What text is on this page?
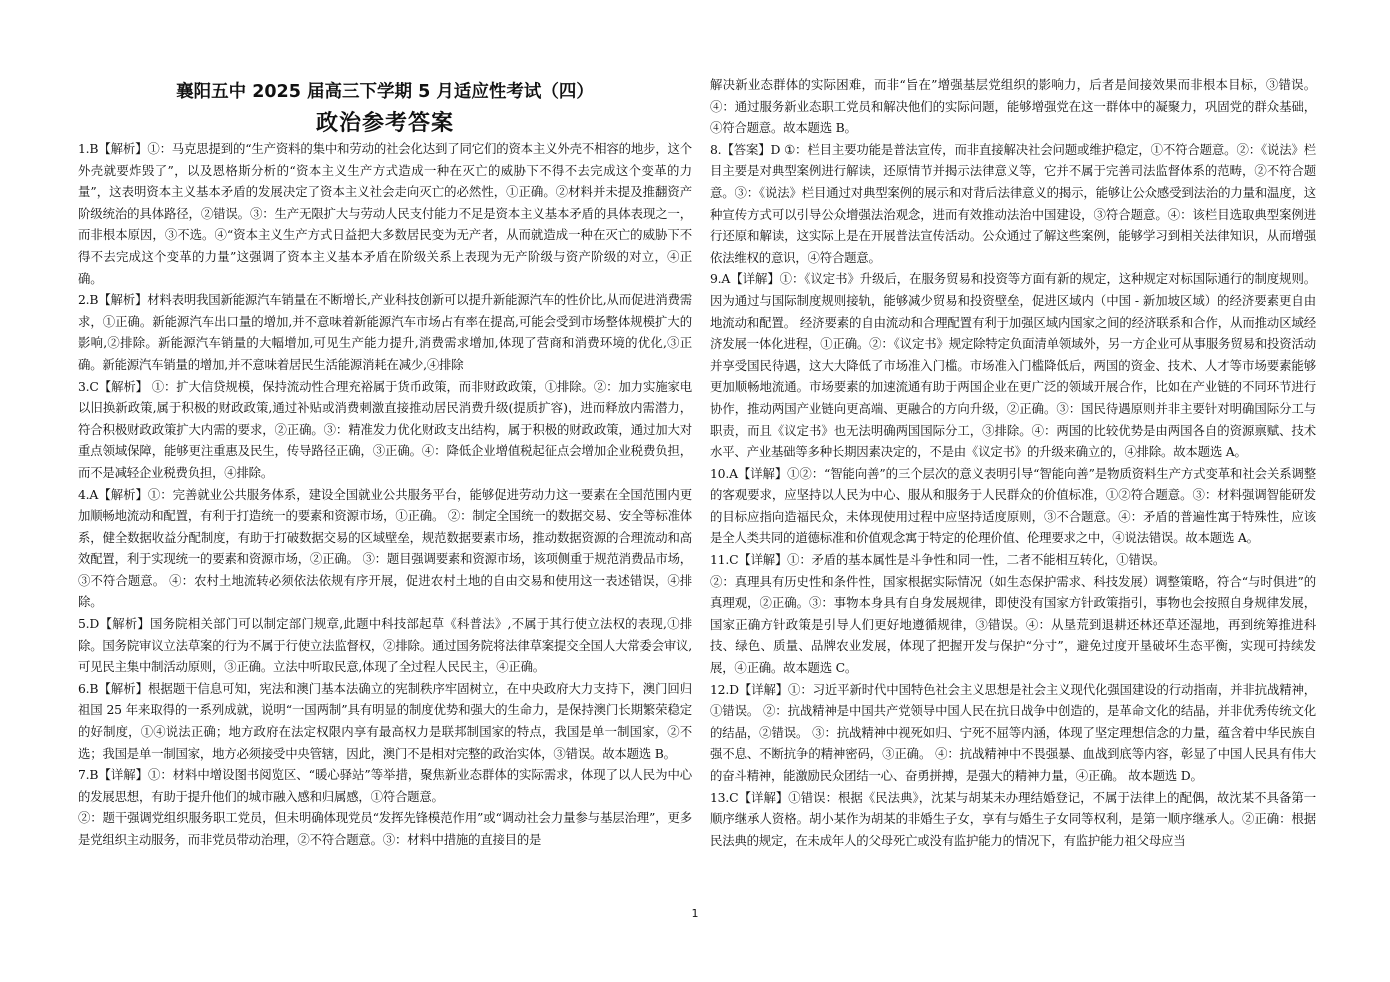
襄阳五中 2025 届高三下学期 5 月适应性考试（四）
政治参考答案

1.B【解析】①：马克思提到的“生产资料的集中和劳动的社会化达到了同它们的资本主义外壳不相容的地步，这个外壳就要炸毁了”，以及恩格斯分析的“资本主义生产方式造成一种在灭亡的威胁下不得不去完成这个变革的力量”，这表明资本主义基本矛盾的发展决定了资本主义社会走向灭亡的必然性，①正确。②材料并未提及推翻资产阶级统治的具体路径，②错误。③：生产无限扩大与劳动人民支付能力不足是资本主义基本矛盾的具体表现之一，而非根本原因，③不选。④“资本主义生产方式日益把大多数居民变为无产者，从而就造成一种在灭亡的威胁下不得不去完成这个变革的力量”这强调了资本主义基本矛盾在阶级关系上表现为无产阶级与资产阶级的对立，④正确。

2.B【解析】材料表明我国新能源汽车销量在不断增长,产业科技创新可以提升新能源汽车的性价比,从而促进消费需求，①正确。新能源汽车出口量的增加,并不意味着新能源汽车市场占有率在提高,可能会受到市场整体规模扩大的影响,②排除。新能源汽车销量的大幅增加,可见生产能力提升,消费需求增加,体现了营商和消费环境的优化,③正确。新能源汽车销量的增加,并不意味着居民生活能源消耗在减少,④排除

3.C【解析】 ①：扩大信贷规模，保持流动性合理充裕属于货币政策，而非财政政策，①排除。②：加力实施家电以旧换新政策,属于积极的财政政策,通过补贴或消费刺激直接推动居民消费升级(提质扩容)，进而释放内需潜力，符合积极财政政策扩大内需的要求，②正确。③：精准发力优化财政支出结构，属于积极的财政政策，通过加大对重点领域保障，能够更注重惠及民生，传导路径正确，③正确。④：降低企业增值税起征点会增加企业税费负担，而不是减轻企业税费负担，④排除。

4.A【解析】①：完善就业公共服务体系，建设全国就业公共服务平台，能够促进劳动力这一要素在全国范围内更加顺畅地流动和配置，有利于打造统一的要素和资源市场，①正确。 ②：制定全国统一的数据交易、安全等标准体系，健全数据收益分配制度，有助于打破数据交易的区域壁垒，规范数据要素市场，推动数据资源的合理流动和高效配置，利于实现统一的要素和资源市场，②正确。 ③：题目强调要素和资源市场，该项侧重于规范消费品市场，③不符合题意。 ④：农村土地流转必须依法依规有序开展，促进农村土地的自由交易和使用这一表述错误，④排除。

5.D【解析】国务院相关部门可以制定部门规章,此题中科技部起草《科普法》,不属于其行使立法权的表现,①排除。国务院审议立法草案的行为不属于行使立法监督权，②排除。通过国务院将法律草案提交全国人大常委会审议,可见民主集中制活动原则，③正确。立法中听取民意,体现了全过程人民民主，④正确。

6.B【解析】根据题干信息可知，宪法和澳门基本法确立的宪制秩序牢固树立，在中央政府大力支持下，澳门回归祖国 25 年来取得的一系列成就，说明“一国两制”具有明显的制度优势和强大的生命力，是保持澳门长期繁荣稳定的好制度，①④说法正确；地方政府在法定权限内享有最高权力是联邦制国家的特点，我国是单一制国家，②不选；我国是单一制国家，地方必须接受中央管辖，因此，澳门不是相对完整的政治实体，③错误。故本题选 B。

7.B【详解】①：材料中增设图书阅览区、“暖心驿站”等举措，聚焦新业态群体的实际需求，体现了以人民为中心的发展思想，有助于提升他们的城市融入感和归属感，①符合题意。

②：题干强调党组织服务职工党员，但未明确体现党员“发挥先锋模范作用”或“调动社会力量参与基层治理”，更多是党组织主动服务，而非党员带动治理，②不符合题意。③：材料中措施的直接目的是

解决新业态群体的实际困难，而非“旨在”增强基层党组织的影响力，后者是间接效果而非根本目标，③错误。④：通过服务新业态职工党员和解决他们的实际问题，能够增强党在这一群体中的凝聚力，巩固党的群众基础，④符合题意。故本题选 B。

8.【答案】D ①：栏目主要功能是普法宣传，而非直接解决社会问题或维护稳定，①不符合题意。②：《说法》栏目主要是对典型案例进行解读，还原情节并揭示法律意义等，它并不属于完善司法监督体系的范畴，②不符合题意。③：《说法》栏目通过对典型案例的展示和对背后法律意义的揭示，能够让公众感受到法治的力量和温度，这种宣传方式可以引导公众增强法治观念，进而有效推动法治中国建设，③符合题意。④：该栏目选取典型案例进行还原和解读，这实际上是在开展普法宣传活动。公众通过了解这些案例，能够学习到相关法律知识，从而增强依法维权的意识，④符合题意。

9.A【详解】①：《议定书》升级后，在服务贸易和投资等方面有新的规定，这种规定对标国际通行的制度规则。因为通过与国际制度规则接轨，能够减少贸易和投资壁垒，促进区域内（中国 - 新加坡区域）的经济要素更自由地流动和配置。 经济要素的自由流动和合理配置有利于加强区域内国家之间的经济联系和合作，从而推动区域经济发展一体化进程，①正确。②：《议定书》规定除特定负面清单领域外，另一方企业可从事服务贸易和投资活动并享受国民待遇，这大大降低了市场准入门槛。市场准入门槛降低后，两国的资金、技术、人才等市场要素能够更加顺畅地流通。市场要素的加速流通有助于两国企业在更广泛的领域开展合作，比如在产业链的不同环节进行协作，推动两国产业链向更高端、更融合的方向升级，②正确。③：国民待遇原则并非主要针对明确国际分工与职责，而且《议定书》也无法明确两国国际分工，③排除。④：两国的比较优势是由两国各自的资源禀赋、技术水平、产业基础等多种长期因素决定的，不是由《议定书》的升级来确立的，④排除。故本题选 A。

10.A【详解】①②：“智能向善”的三个层次的意义表明引导“智能向善”是物质资料生产方式变革和社会关系调整的客观要求，应坚持以人民为中心、服从和服务于人民群众的价值标准，①②符合题意。③：材料强调智能研发的目标应指向造福民众，未体现使用过程中应坚持适度原则，③不合题意。④：矛盾的普遍性寓于特殊性，应该是全人类共同的道德标准和价值观念寓于特定的伦理价值、伦理要求之中，④说法错误。故本题选 A。

11.C【详解】①：矛盾的基本属性是斗争性和同一性，二者不能相互转化，①错误。

②：真理具有历史性和条件性，国家根据实际情况（如生态保护需求、科技发展）调整策略，符合“与时俱进”的真理观，②正确。③：事物本身具有自身发展规律，即使没有国家方针政策指引，事物也会按照自身规律发展，国家正确方针政策是引导人们更好地遵循规律，③错误。④：从垦荒到退耕还林还草还湿地，再到统筹推进科技、绿色、质量、品牌农业发展，体现了把握开发与保护“分寸”，避免过度开垦破坏生态平衡，实现可持续发展，④正确。故本题选 C。

12.D【详解】①：习近平新时代中国特色社会主义思想是社会主义现代化强国建设的行动指南，并非抗战精神，①错误。 ②：抗战精神是中国共产党领导中国人民在抗日战争中创造的，是革命文化的结晶，并非优秀传统文化的结晶，②错误。 ③：抗战精神中视死如归、宁死不屈等内涵，体现了坚定理想信念的力量，蕴含着中华民族自强不息、不断抗争的精神密码，③正确。 ④：抗战精神中不畏强暴、血战到底等内容，彰显了中国人民具有伟大的奋斗精神，能激励民众团结一心、奋勇拼搏，是强大的精神力量，④正确。 故本题选 D。

13.C【详解】①错误：根据《民法典》，沈某与胡某未办理结婚登记，不属于法律上的配偶，故沈某不具备第一顺序继承人资格。胡小某作为胡某的非婚生子女，享有与婚生子女同等权利，是第一顺序继承人。②正确：根据民法典的规定，在未成年人的父母死亡或没有监护能力的情况下，有监护能力祖父母应当

1
